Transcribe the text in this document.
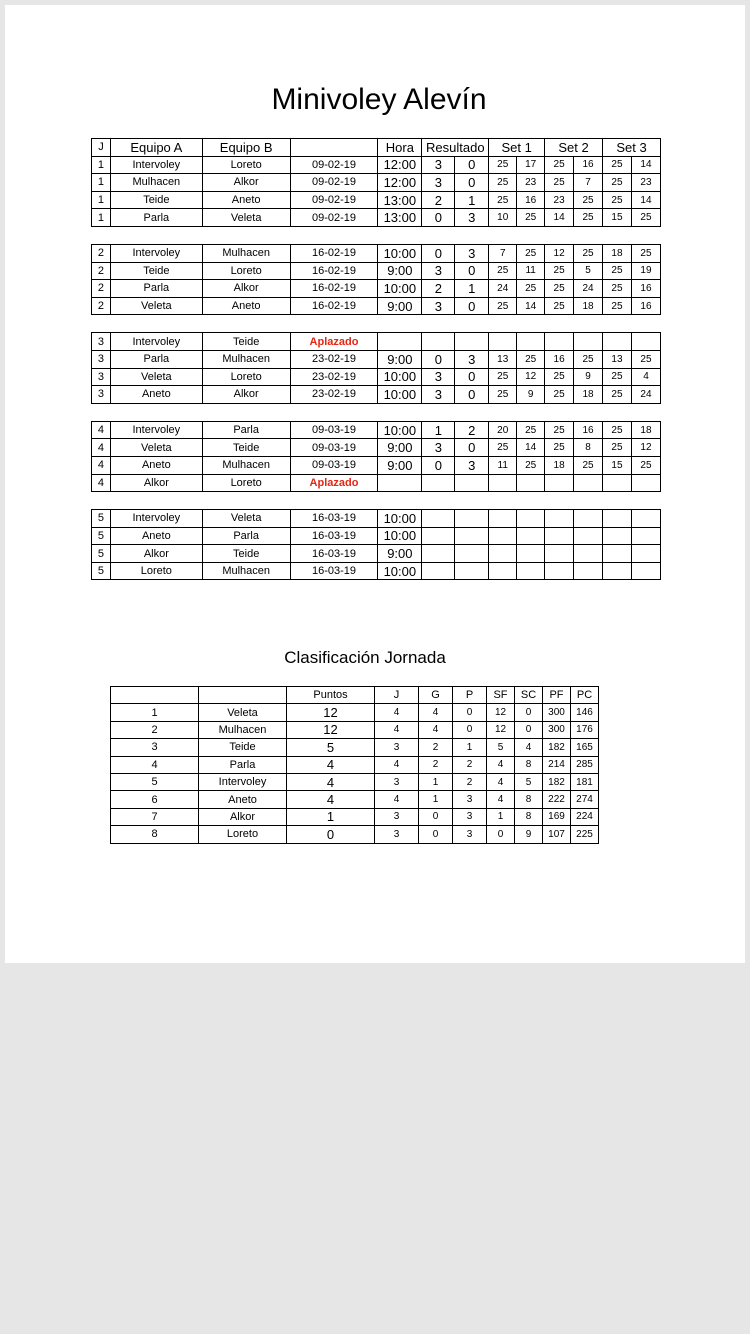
Minivoley Alevín
J	Equipo A	Equipo B		Hora	Resultado		Set 1		Set 2		Set 3	
1	Intervoley	Loreto	09-02-19	12:00	3	0	25	17	25	16	25	14
1	Mulhacen	Alkor	09-02-19	12:00	3	0	25	23	25	7	25	23
1	Teide	Aneto	09-02-19	13:00	2	1	25	16	23	25	25	14
1	Parla	Veleta	09-02-19	13:00	0	3	10	25	14	25	15	25

2	Intervoley	Mulhacen	16-02-19	10:00	0	3	7	25	12	25	18	25
2	Teide	Loreto	16-02-19	9:00	3	0	25	11	25	5	25	19
2	Parla	Alkor	16-02-19	10:00	2	1	24	25	25	24	25	16
2	Veleta	Aneto	16-02-19	9:00	3	0	25	14	25	18	25	16

3	Intervoley	Teide	Aplazado									
3	Parla	Mulhacen	23-02-19	9:00	0	3	13	25	16	25	13	25
3	Veleta	Loreto	23-02-19	10:00	3	0	25	12	25	9	25	4
3	Aneto	Alkor	23-02-19	10:00	3	0	25	9	25	18	25	24

4	Intervoley	Parla	09-03-19	10:00	1	2	20	25	25	16	25	18
4	Veleta	Teide	09-03-19	9:00	3	0	25	14	25	8	25	12
4	Aneto	Mulhacen	09-03-19	9:00	0	3	11	25	18	25	15	25
4	Alkor	Loreto	Aplazado									

5	Intervoley	Veleta	16-03-19	10:00								
5	Aneto	Parla	16-03-19	10:00								
5	Alkor	Teide	16-03-19	9:00								
5	Loreto	Mulhacen	16-03-19	10:00								
Clasificación Jornada
		Puntos	J	G	P	SF	SC	PF	PC
1	Veleta	12	4	4	0	12	0	300	146
2	Mulhacen	12	4	4	0	12	0	300	176
3	Teide	5	3	2	1	5	4	182	165
4	Parla	4	4	2	2	4	8	214	285
5	Intervoley	4	3	1	2	4	5	182	181
6	Aneto	4	4	1	3	4	8	222	274
7	Alkor	1	3	0	3	1	8	169	224
8	Loreto	0	3	0	3	0	9	107	225
